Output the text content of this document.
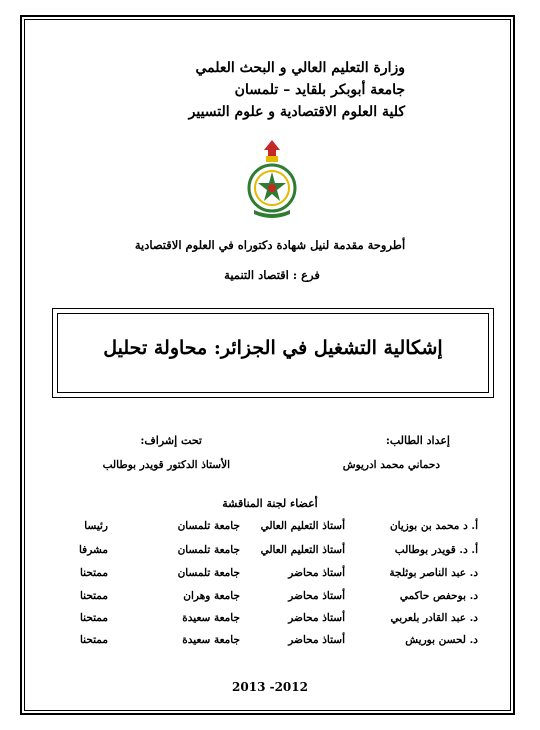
وزارة التعليم العالي و البحث العلمي
جامعة أبوبكر بلقايد – تلمسان
كلية العلوم الاقتصادية و علوم التسيير
أطروحة مقدمة لنيل شهادة دكتوراه في العلوم الاقتصادية
فرع : اقتصاد التنمية
إشكالية التشغيل في الجزائر: محاولة تحليل
إعداد الطالب:
دحماني محمد ادريوش
تحت إشراف:
الأستاذ الدكتور قويدر بوطالب
أعضاء لجنة المناقشة
أ. د محمد بن بوزيان
أستاذ التعليم العالي
جامعة تلمسان
رئيسا
أ. د. قويدر بوطالب
أستاذ التعليم العالي
جامعة تلمسان
مشرفا
د. عبد الناصر بوثلجة
أستاذ محاضر
جامعة تلمسان
ممتحنا
د. بوحفص حاكمي
أستاذ محاضر
جامعة وهران
ممتحنا
د. عبد القادر بلعربي
أستاذ محاضر
جامعة سعيدة
ممتحنا
د. لحسن بوريش
أستاذ محاضر
جامعة سعيدة
ممتحنا
2013 -2012
